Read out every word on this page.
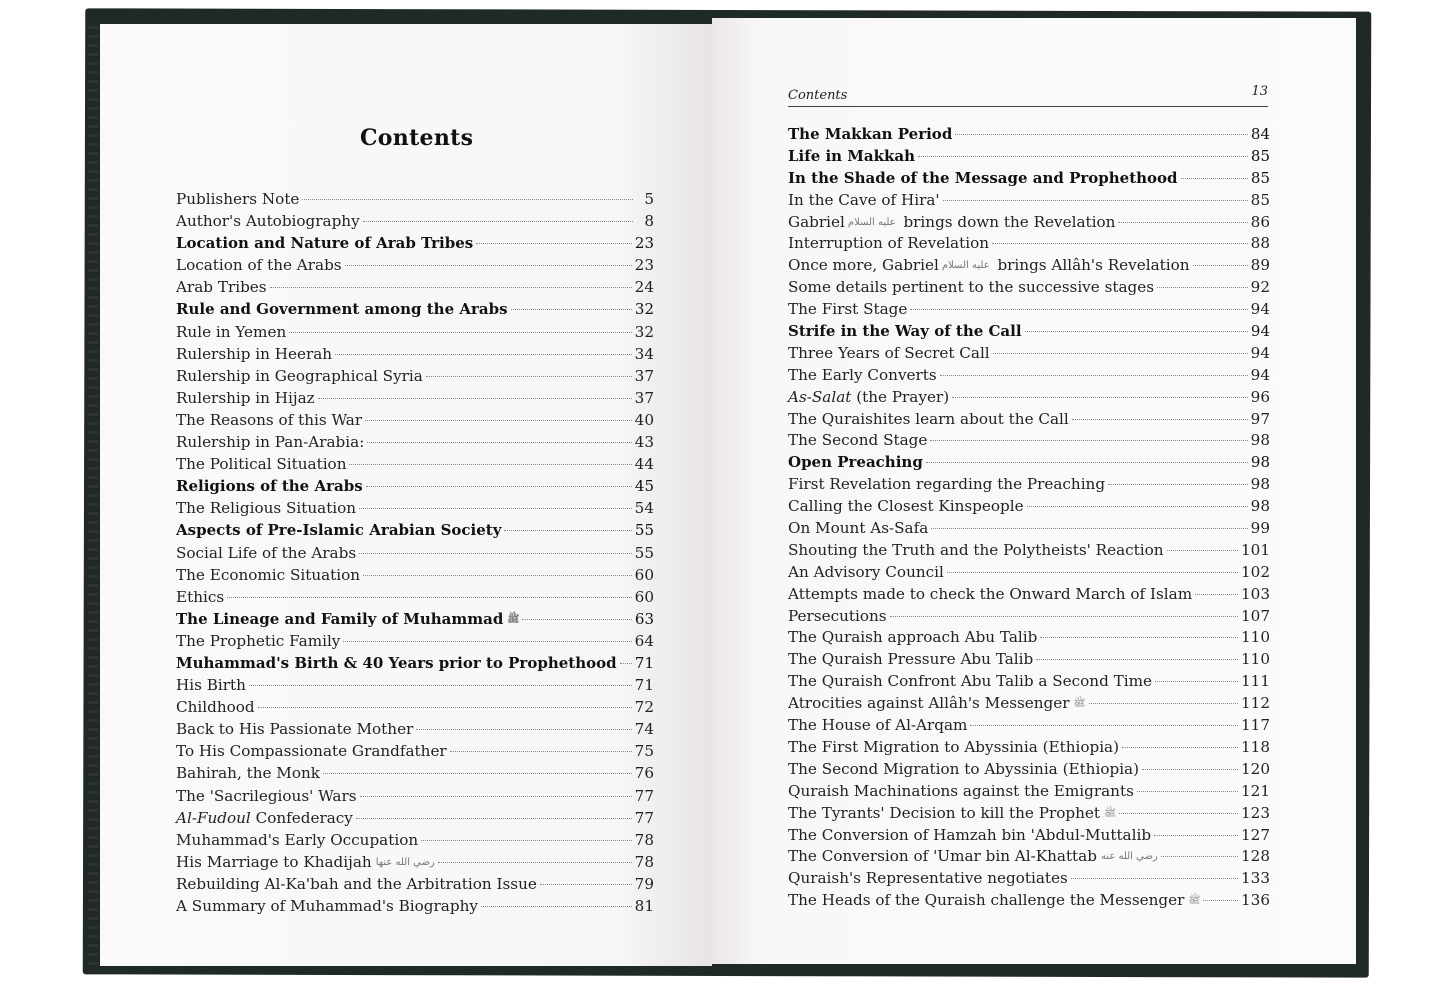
Contents
Contents	13
Publishers Note	5
Author's Autobiography	8
Location and Nature of Arab Tribes	23
Location of the Arabs	23
Arab Tribes	24
Rule and Government among the Arabs	32
Rule in Yemen	32
Rulership in Heerah	34
Rulership in Geographical Syria	37
Rulership in Hijaz	37
The Reasons of this War	40
Rulership in Pan-Arabia:	43
The Political Situation	44
Religions of the Arabs	45
The Religious Situation	54
Aspects of Pre-Islamic Arabian Society	55
Social Life of the Arabs	55
The Economic Situation	60
Ethics	60
The Lineage and Family of Muhammad ﷺ	63
The Prophetic Family	64
Muhammad's Birth & 40 Years prior to Prophethood 71
His Birth	71
Childhood	72
Back to His Passionate Mother	74
To His Compassionate Grandfather	75
Bahirah, the Monk	76
The 'Sacrilegious' Wars	77
Al-Fudoul Confederacy	77
Muhammad's Early Occupation	78
His Marriage to Khadijah رضي الله عنها	78
Rebuilding Al-Ka'bah and the Arbitration Issue	79
A Summary of Muhammad's Biography	81
The Makkan Period	84
Life in Makkah	85
In the Shade of the Message and Prophethood	85
In the Cave of Hira'	85
Gabriel عليه السلام brings down the Revelation	86
Interruption of Revelation	88
Once more, Gabriel عليه السلام brings Allâh's Revelation	89
Some details pertinent to the successive stages	92
The First Stage	94
Strife in the Way of the Call	94
Three Years of Secret Call	94
The Early Converts	94
As-Salat (the Prayer)	96
The Quraishites learn about the Call	97
The Second Stage	98
Open Preaching	98
First Revelation regarding the Preaching	98
Calling the Closest Kinspeople	98
On Mount As-Safa	99
Shouting the Truth and the Polytheists' Reaction	101
An Advisory Council	102
Attempts made to check the Onward March of Islam	103
Persecutions	107
The Quraish approach Abu Talib	110
The Quraish Pressure Abu Talib	110
The Quraish Confront Abu Talib a Second Time	111
Atrocities against Allâh's Messenger ﷺ	112
The House of Al-Arqam	117
The First Migration to Abyssinia (Ethiopia)	118
The Second Migration to Abyssinia (Ethiopia)	120
Quraish Machinations against the Emigrants	121
The Tyrants' Decision to kill the Prophet ﷺ	123
The Conversion of Hamzah bin 'Abdul-Muttalib	127
The Conversion of 'Umar bin Al-Khattab رضي الله عنه	128
Quraish's Representative negotiates	133
The Heads of the Quraish challenge the Messenger ﷺ	136
